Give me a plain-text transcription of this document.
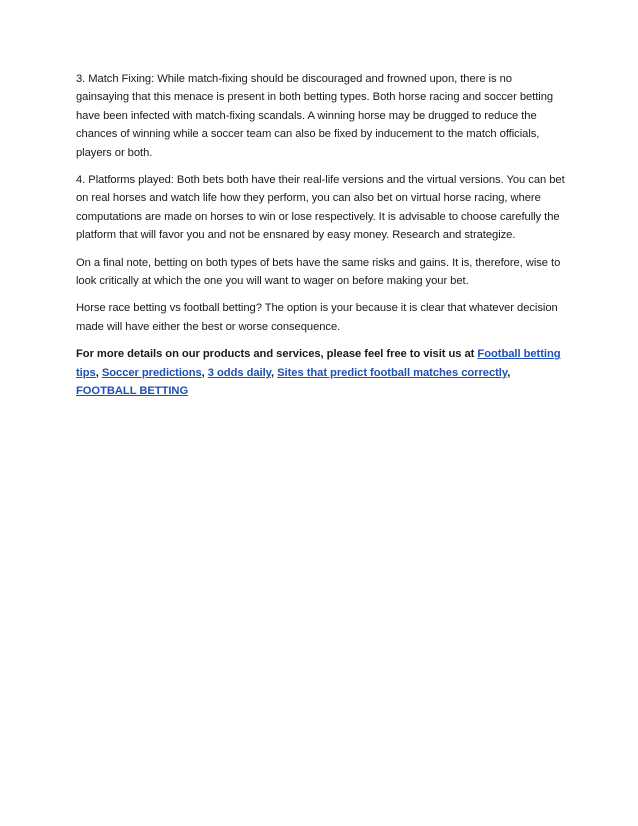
3. Match Fixing: While match-fixing should be discouraged and frowned upon, there is no gainsaying that this menace is present in both betting types. Both horse racing and soccer betting have been infected with match-fixing scandals. A winning horse may be drugged to reduce the chances of winning while a soccer team can also be fixed by inducement to the match officials, players or both.

4. Platforms played: Both bets both have their real-life versions and the virtual versions. You can bet on real horses and watch life how they perform, you can also bet on virtual horse racing, where computations are made on horses to win or lose respectively. It is advisable to choose carefully the platform that will favor you and not be ensnared by easy money. Research and strategize.

On a final note, betting on both types of bets have the same risks and gains. It is, therefore, wise to look critically at which the one you will want to wager on before making your bet.

Horse race betting vs football betting? The option is your because it is clear that whatever decision made will have either the best or worse consequence.

For more details on our products and services, please feel free to visit us at Football betting tips, Soccer predictions, 3 odds daily, Sites that predict football matches correctly, FOOTBALL BETTING
